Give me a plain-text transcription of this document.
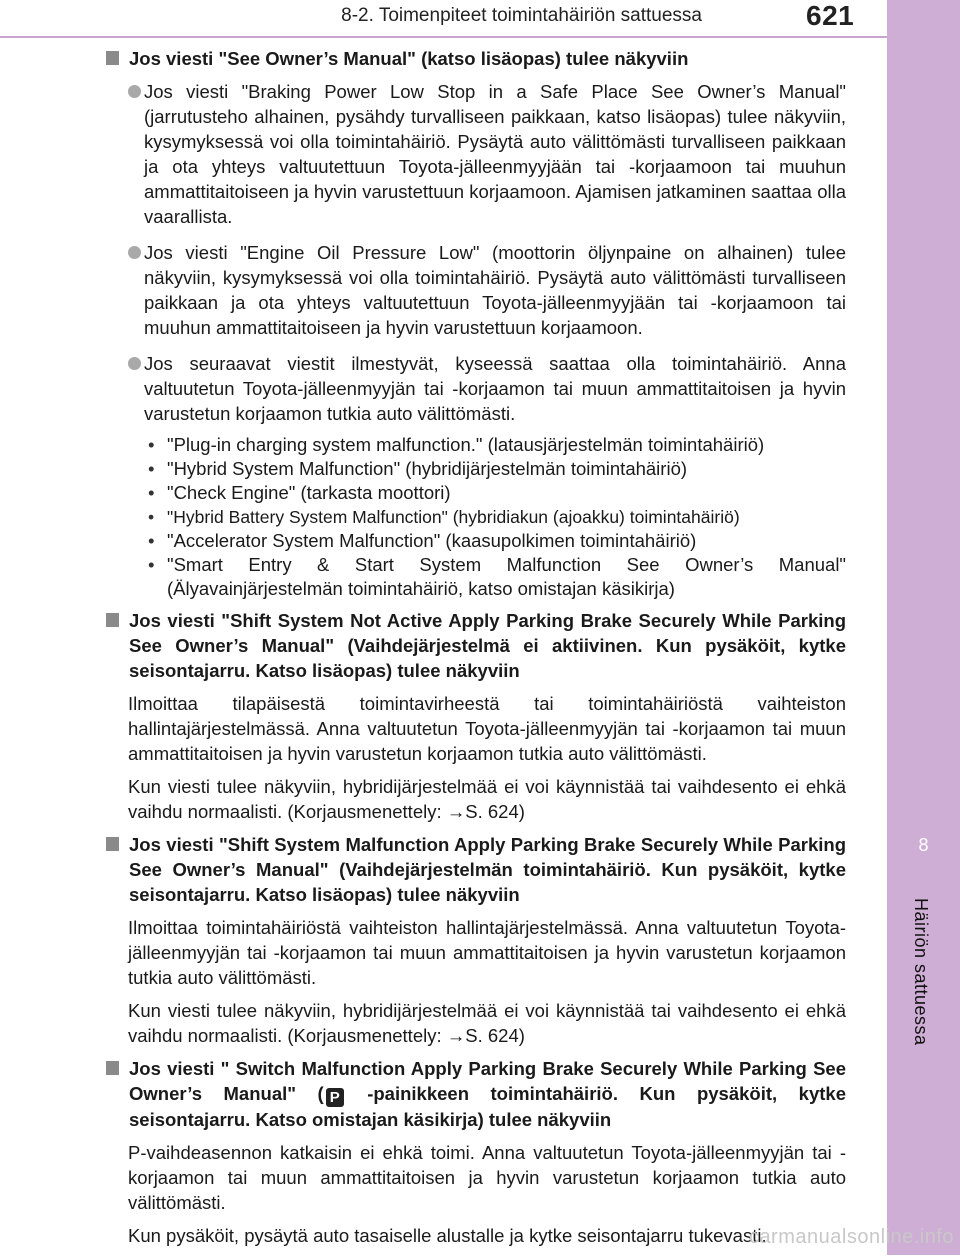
8-2. Toimenpiteet toimintahäiriön sattuessa	621
8
Häiriön sattuessa
Jos viesti "See Owner’s Manual" (katso lisäopas) tulee näkyviin
Jos viesti "Braking Power Low Stop in a Safe Place See Owner’s Manual" (jarrutusteho alhainen, pysähdy turvalliseen paikkaan, katso lisäopas) tulee näkyviin, kysymyksessä voi olla toimintahäiriö. Pysäytä auto välittömästi turvalliseen paikkaan ja ota yhteys valtuutettuun Toyota-jälleenmyyjään tai -korjaamoon tai muuhun ammattitaitoiseen ja hyvin varustettuun korjaamoon. Ajamisen jatkaminen saattaa olla vaarallista.
Jos viesti "Engine Oil Pressure Low" (moottorin öljynpaine on alhainen) tulee näkyviin, kysymyksessä voi olla toimintahäiriö. Pysäytä auto välittömästi turvalliseen paikkaan ja ota yhteys valtuutettuun Toyota-jälleenmyyjään tai -korjaamoon tai muuhun ammattitaitoiseen ja hyvin varustettuun korjaamoon.
Jos seuraavat viestit ilmestyvät, kyseessä saattaa olla toimintahäiriö. Anna valtuutetun Toyota-jälleenmyyjän tai -korjaamon tai muun ammattitaitoisen ja hyvin varustetun korjaamon tutkia auto välittömästi.
• "Plug-in charging system malfunction." (latausjärjestelmän toimintahäiriö)
• "Hybrid System Malfunction" (hybridijärjestelmän toimintahäiriö)
• "Check Engine" (tarkasta moottori)
• "Hybrid Battery System Malfunction" (hybridiakun (ajoakku) toimintahäiriö)
• "Accelerator System Malfunction" (kaasupolkimen toimintahäiriö)
• "Smart Entry & Start System Malfunction See Owner’s Manual" (Älyavainjärjestelmän toimintahäiriö, katso omistajan käsikirja)
Jos viesti "Shift System Not Active Apply Parking Brake Securely While Parking See Owner’s Manual" (Vaihdejärjestelmä ei aktiivinen. Kun pysäköit, kytke seisontajarru. Katso lisäopas) tulee näkyviin
Ilmoittaa tilapäisestä toimintavirheestä tai toimintahäiriöstä vaihteiston hallintajärjestelmässä. Anna valtuutetun Toyota-jälleenmyyjän tai -korjaamon tai muun ammattitaitoisen ja hyvin varustetun korjaamon tutkia auto välittömästi.
Kun viesti tulee näkyviin, hybridijärjestelmää ei voi käynnistää tai vaihdesento ei ehkä vaihdu normaalisti. (Korjausmenettely: →S. 624)
Jos viesti "Shift System Malfunction Apply Parking Brake Securely While Parking See Owner’s Manual" (Vaihdejärjestelmän toimintahäiriö. Kun pysäköit, kytke seisontajarru. Katso lisäopas) tulee näkyviin
Ilmoittaa toimintahäiriöstä vaihteiston hallintajärjestelmässä. Anna valtuutetun Toyota-jälleenmyyjän tai -korjaamon tai muun ammattitaitoisen ja hyvin varustetun korjaamon tutkia auto välittömästi.
Kun viesti tulee näkyviin, hybridijärjestelmää ei voi käynnistää tai vaihdesento ei ehkä vaihdu normaalisti. (Korjausmenettely: →S. 624)
Jos viesti " Switch Malfunction Apply Parking Brake Securely While Parking See Owner’s Manual" ( P -painikkeen toimintahäiriö. Kun pysäköit, kytke seisontajarru. Katso omistajan käsikirja) tulee näkyviin
P-vaihdeasennon katkaisin ei ehkä toimi. Anna valtuutetun Toyota-jälleenmyyjän tai -korjaamon tai muun ammattitaitoisen ja hyvin varustetun korjaamon tutkia auto välittömästi.
Kun pysäköit, pysäytä auto tasaiselle alustalle ja kytke seisontajarru tukevasti.
carmanualsonline.info
